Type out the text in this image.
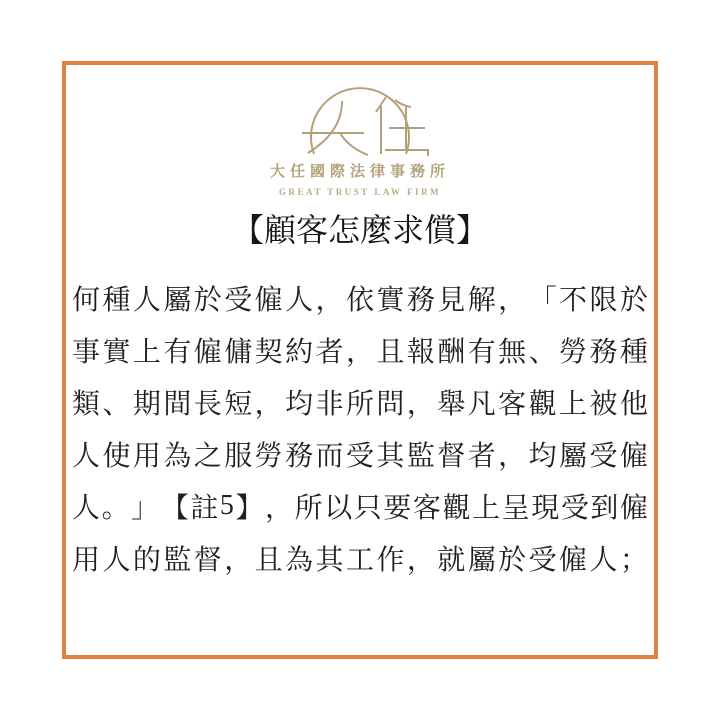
大任國際法律事務所
GREAT TRUST LAW FIRM
【顧客怎麼求償】
何 種 人 屬 於 受 僱 人 ， 依 實 務 見 解 ， 「 不 限 於
事 實 上 有 僱 傭 契 約 者 ， 且 報 酬 有 無 、 勞 務 種
類 、 期 間 長 短 ， 均 非 所 問 ， 舉 凡 客 觀 上 被 他
人 使 用 為 之 服 勞 務 而 受 其 監 督 者 ， 均 屬 受 僱
人 。 」 【 註 5 】 ， 所 以 只 要 客 觀 上 呈 現 受 到 僱
用 人 的 監 督 ， 且 為 其 工 作 ， 就 屬 於 受 僱 人 ；
